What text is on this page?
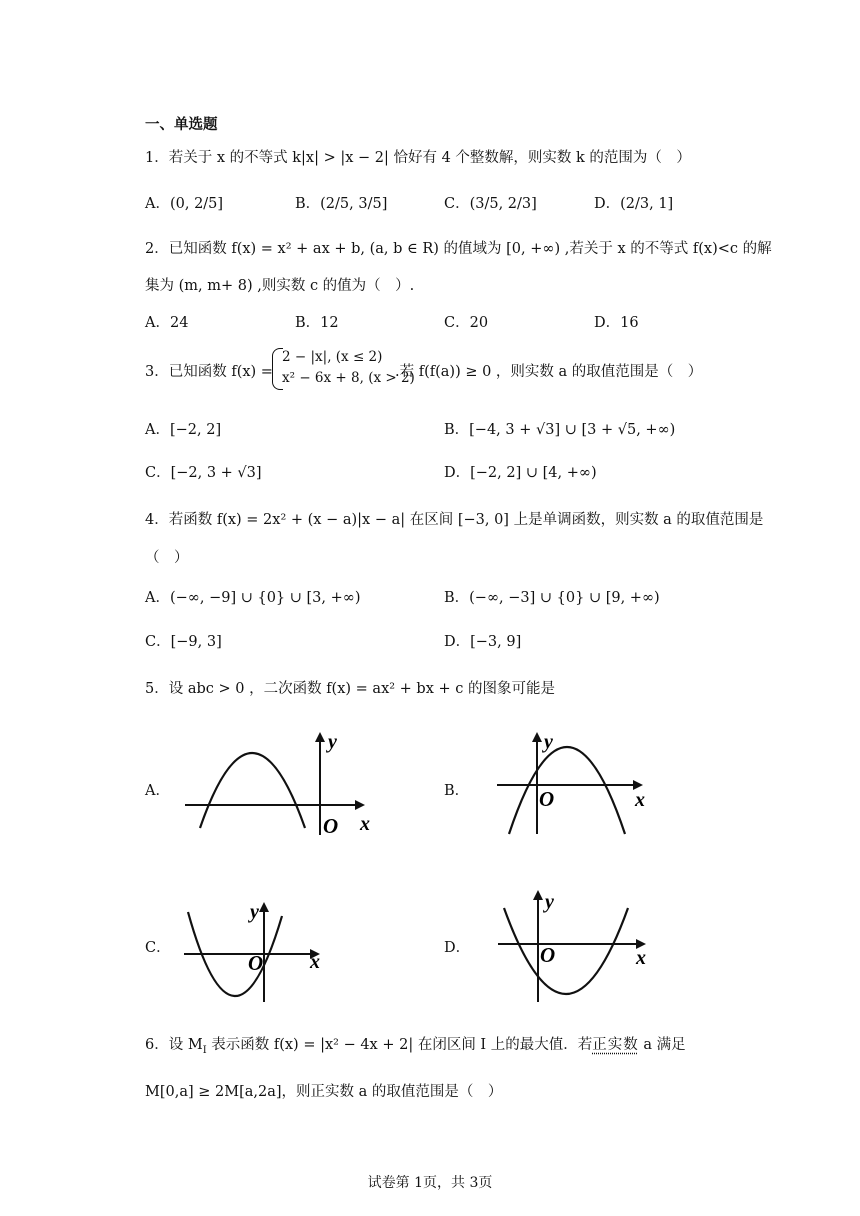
一、单选题
1．若关于 x 的不等式 k|x| > |x − 2| 恰好有 4 个整数解，则实数 k 的范围为（　）
A．(0, 2/5]	B．(2/5, 3/5]	C．(3/5, 2/3]	D．(2/3, 1]
2．已知函数 f(x) = x² + ax + b, (a, b ∈ R) 的值域为 [0, +∞) ,若关于 x 的不等式 f(x)<c 的解
集为 (m, m+ 8) ,则实数 c 的值为（　）.
A．24	B．12	C．20	D．16
3．已知函数 f(x) =
2 − |x|, (x ≤ 2)
x² − 6x + 8, (x > 2)
.若 f(f(a)) ≥ 0 ，则实数 a 的取值范围是（　）
A．[−2, 2]	B．[−4, 3 + √3] ∪ [3 + √5, +∞)
C．[−2, 3 + √3]	D．[−2, 2] ∪ [4, +∞)
4．若函数 f(x) = 2x² + (x − a)|x − a| 在区间 [−3, 0] 上是单调函数，则实数 a 的取值范围是
（　）
A．(−∞, −9] ∪ {0} ∪ [3, +∞)	B．(−∞, −3] ∪ {0} ∪ [9, +∞)
C．[−9, 3]	D．[−3, 9]
5．设 abc > 0 ，二次函数 f(x) = ax² + bx + c 的图象可能是
A．	B．
C．	D．
y
x
O
y
x
O
y
x
O
y
x
O
6．设 $M_I$ 表示函数 f(x) = |x² − 4x + 2| 在闭区间 I 上的最大值．若正实数 a 满足
M[0,a] ≥ 2M[a,2a]，则正实数 a 的取值范围是（　）
试卷第 1页，共 3页
